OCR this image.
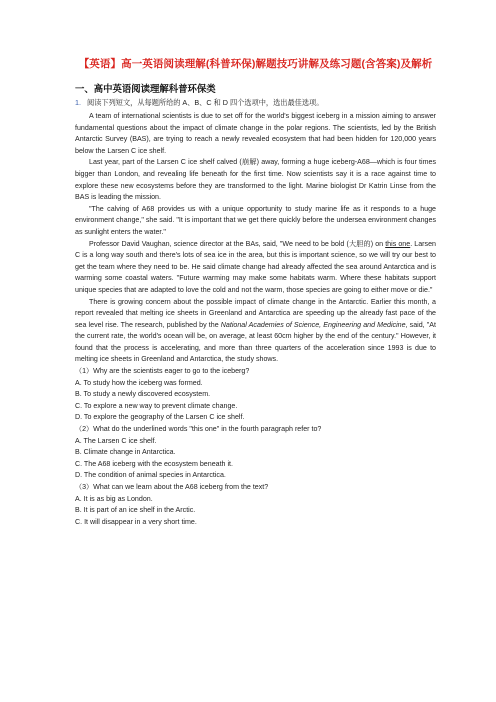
【英语】高一英语阅读理解(科普环保)解题技巧讲解及练习题(含答案)及解析
一、高中英语阅读理解科普环保类
1. 阅读下列短文，从每题所给的 A、B、C 和 D 四个选项中，选出最佳选项。

A team of international scientists is due to set off for the world's biggest iceberg in a mission aiming to answer fundamental questions about the impact of climate change in the polar regions. The scientists, led by the British Antarctic Survey (BAS), are trying to reach a newly revealed ecosystem that had been hidden for 120,000 years below the Larsen C ice shelf.

Last year, part of the Larsen C ice shelf calved (崩解) away, forming a huge iceberg-A68—which is four times bigger than London, and revealing life beneath for the first time. Now scientists say it is a race against time to explore these new ecosystems before they are transformed to the light. Marine biologist Dr Katrin Linse from the BAS is leading the mission.

"The calving of A68 provides us with a unique opportunity to study marine life as it responds to a huge environment change," she said. "It is important that we get there quickly before the undersea environment changes as sunlight enters the water."

Professor David Vaughan, science director at the BAs, said, "We need to be bold (大胆的) on this one. Larsen C is a long way south and there's lots of sea ice in the area, but this is important science, so we will try our best to get the team where they need to be. He said climate change had already affected the sea around Antarctica and is warming some coastal waters. "Future warming may make some habitats warm. Where these habitats support unique species that are adapted to love the cold and not the warm, those species are going to either move or die."

There is growing concern about the possible impact of climate change in the Antarctic. Earlier this month, a report revealed that melting ice sheets in Greenland and Antarctica are speeding up the already fast pace of the sea level rise. The research, published by the National Academies of Science, Engineering and Medicine, said, "At the current rate, the world's ocean will be, on average, at least 60cm higher by the end of the century." However, it found that the process is accelerating, and more than three quarters of the acceleration since 1993 is due to melting ice sheets in Greenland and Antarctica, the study shows.

（1）Why are the scientists eager to go to the iceberg?

A. To study how the iceberg was formed.

B. To study a newly discovered ecosystem.

C. To explore a new way to prevent climate change.

D. To explore the geography of the Larsen C ice shelf.

（2）What do the underlined words "this one" in the fourth paragraph refer to?

A. The Larsen C ice shelf.

B. Climate change in Antarctica.

C. The A68 iceberg with the ecosystem beneath it.

D. The condition of animal species in Antarctica.

（3）What can we learn about the A68 iceberg from the text?

A. It is as big as London.

B. It is part of an ice shelf in the Arctic.

C. It will disappear in a very short time.
